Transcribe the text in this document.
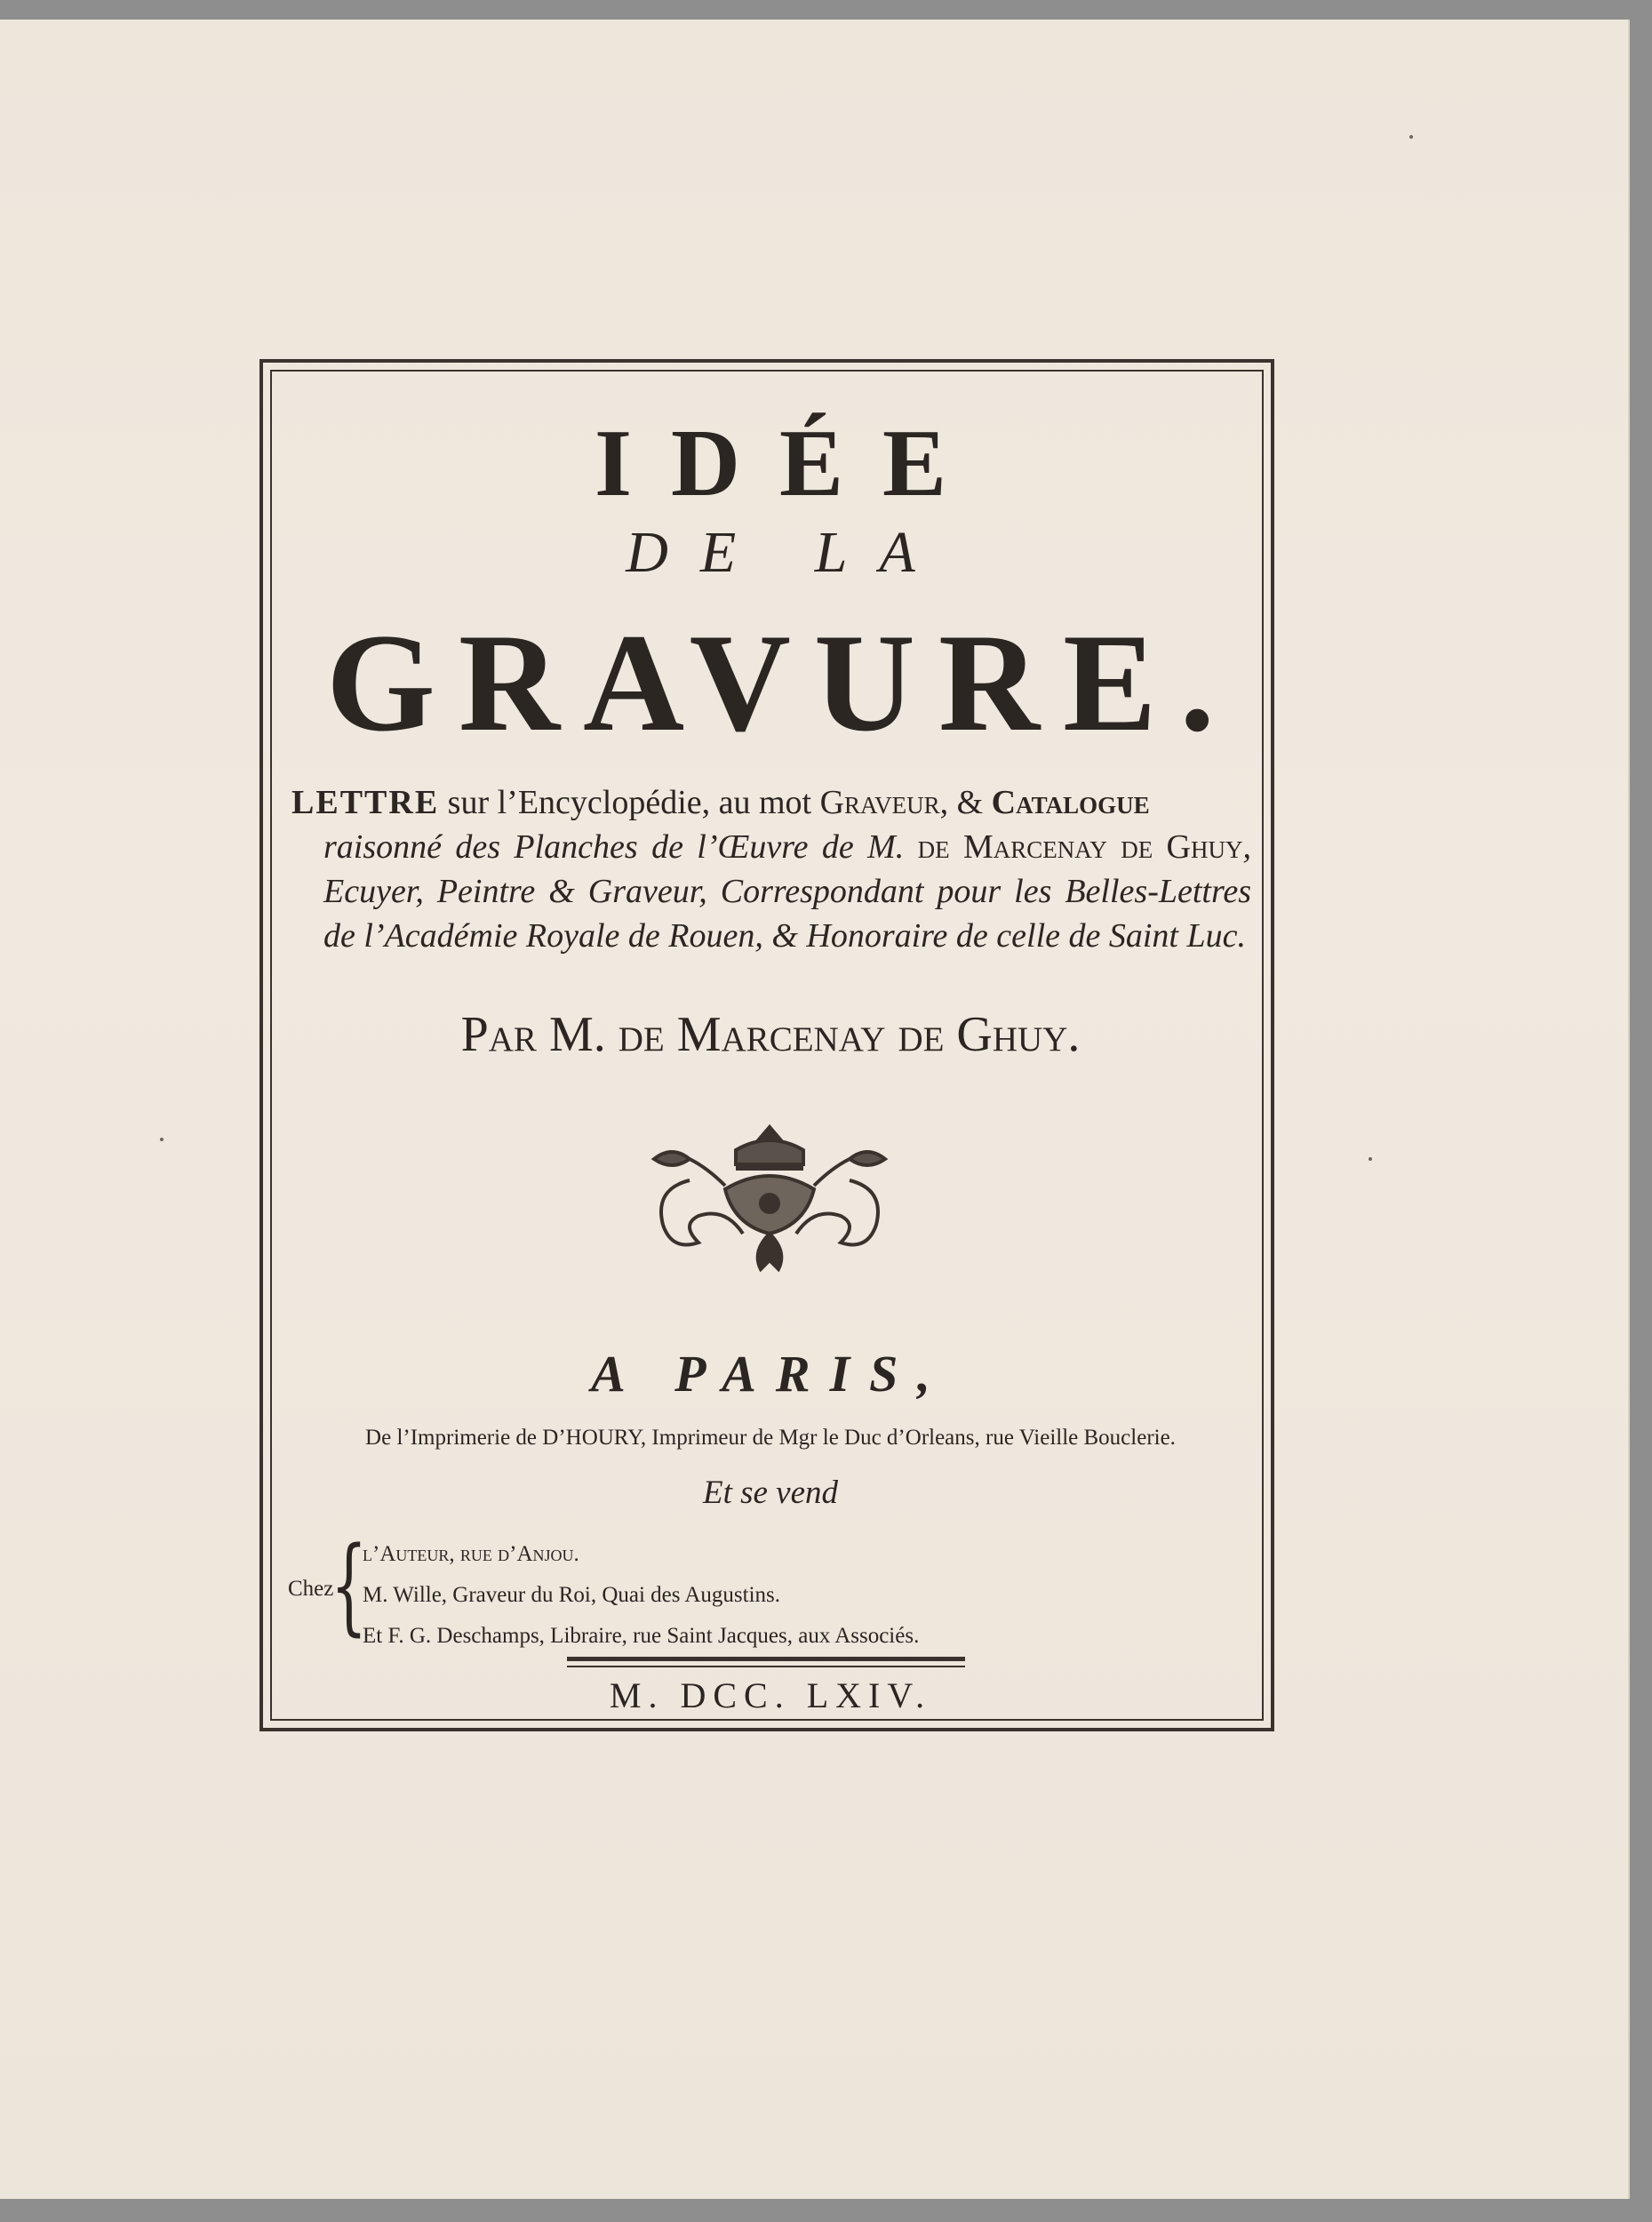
IDÉE
DE LA
GRAVURE.
LETTRE sur l’Encyclopédie, au mot Graveur, & Catalogue
raisonné des Planches de l’Œuvre de M. de Marcenay de Ghuy, Ecuyer, Peintre & Graveur, Correspondant pour les Belles-Lettres de l’Académie Royale de Rouen, & Honoraire de celle de Saint Luc.
Par M. de Marcenay de Ghuy.
A PARIS,
De l’Imprimerie de D’HOURY, Imprimeur de Mgr le Duc d’Orleans, rue Vieille Bouclerie.
Et se vend
Chez
{
l’Auteur, rue d’Anjou.
M. Wille, Graveur du Roi, Quai des Augustins.
Et F. G. Deschamps, Libraire, rue Saint Jacques, aux Associés.
M. DCC. LXIV.
